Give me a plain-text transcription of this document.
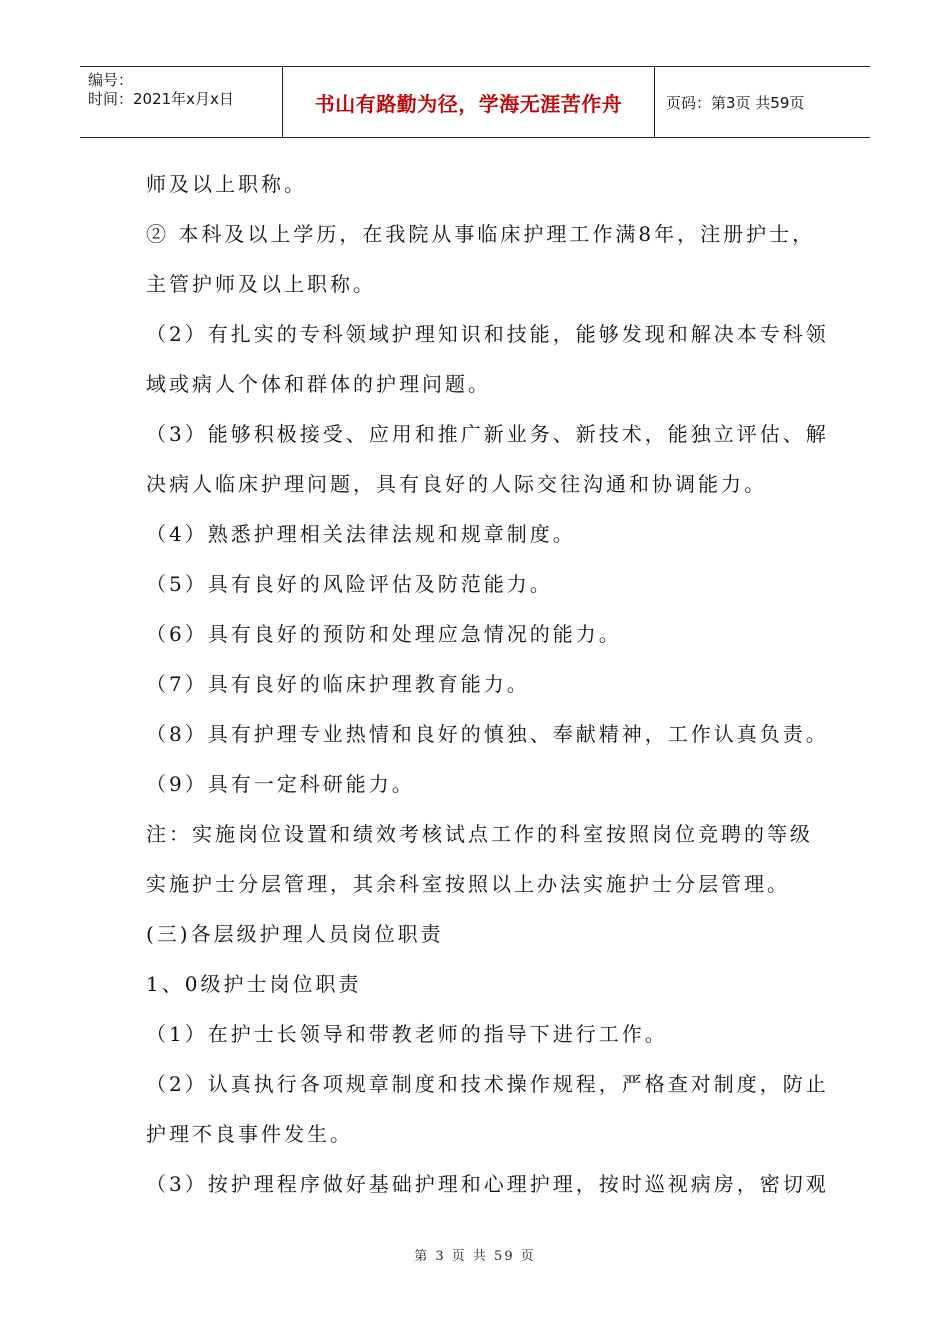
编号：
时间：2021年x月x日	书山有路勤为径，学海无涯苦作舟	页码：第3页 共59页
师及以上职称。
② 本科及以上学历，在我院从事临床护理工作满8年，注册护士，
主管护师及以上职称。
（2）有扎实的专科领域护理知识和技能，能够发现和解决本专科领
域或病人个体和群体的护理问题。
（3）能够积极接受、应用和推广新业务、新技术，能独立评估、解
决病人临床护理问题，具有良好的人际交往沟通和协调能力。
（4）熟悉护理相关法律法规和规章制度。
（5）具有良好的风险评估及防范能力。
（6）具有良好的预防和处理应急情况的能力。
（7）具有良好的临床护理教育能力。
（8）具有护理专业热情和良好的慎独、奉献精神，工作认真负责。
（9）具有一定科研能力。
注：实施岗位设置和绩效考核试点工作的科室按照岗位竞聘的等级
实施护士分层管理，其余科室按照以上办法实施护士分层管理。
(三)各层级护理人员岗位职责
1、0级护士岗位职责
（1）在护士长领导和带教老师的指导下进行工作。
（2）认真执行各项规章制度和技术操作规程，严格查对制度，防止
护理不良事件发生。
（3）按护理程序做好基础护理和心理护理，按时巡视病房，密切观
第 3 页 共 59 页
